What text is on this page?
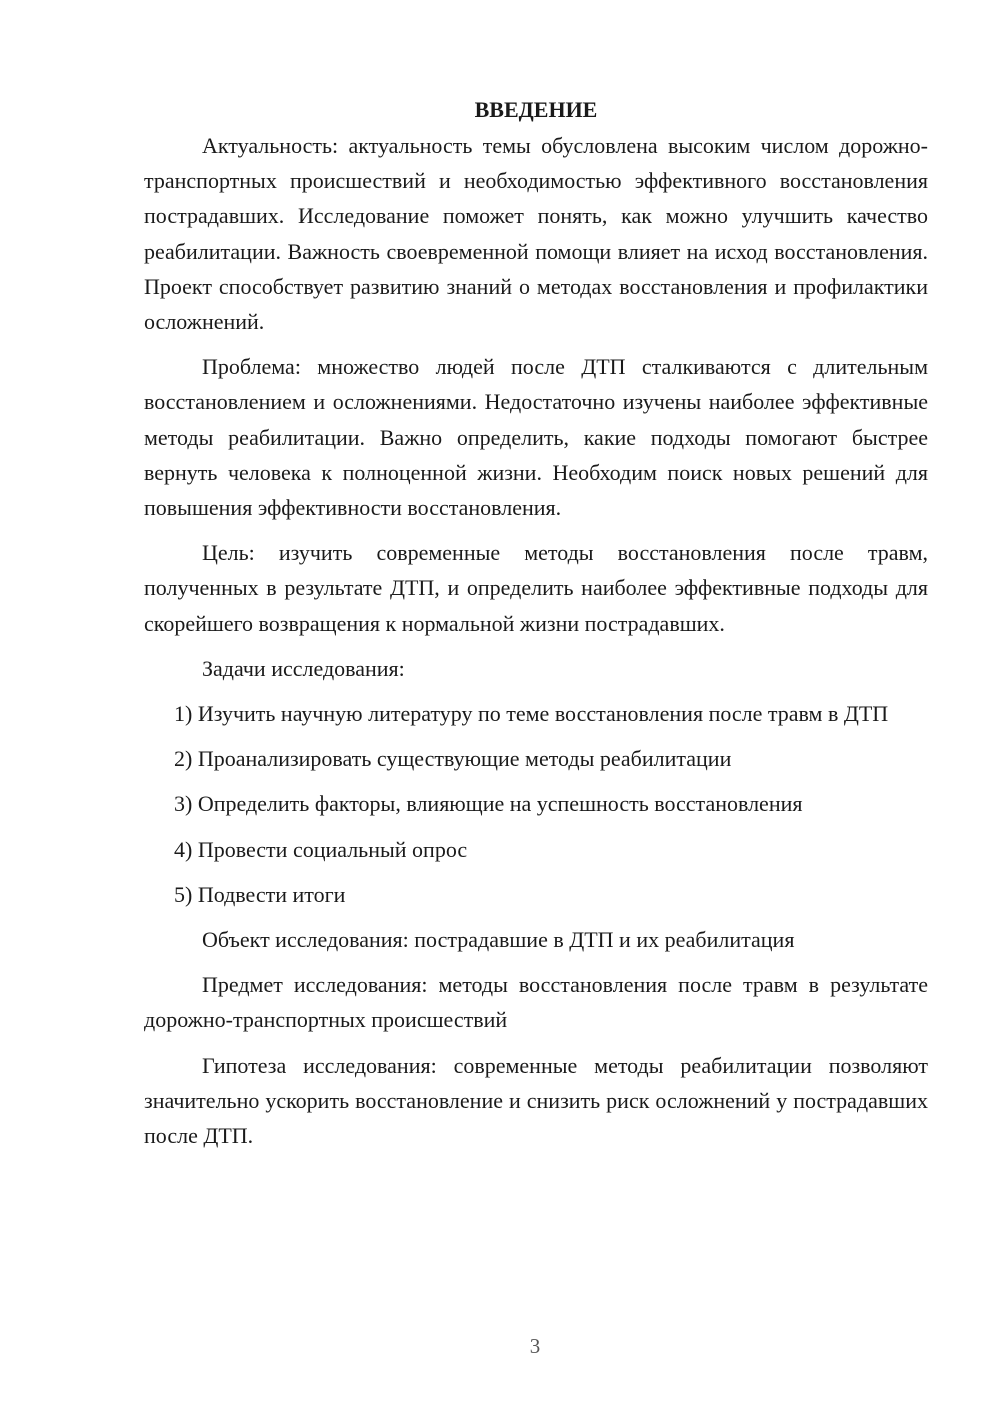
ВВЕДЕНИЕ

Актуальность: актуальность темы обусловлена высоким числом дорожно-транспортных происшествий и необходимостью эффективного восстановления пострадавших. Исследование поможет понять, как можно улучшить качество реабилитации. Важность своевременной помощи влияет на исход восстановления. Проект способствует развитию знаний о методах восстановления и профилактики осложнений.

Проблема: множество людей после ДТП сталкиваются с длительным восстановлением и осложнениями. Недостаточно изучены наиболее эффективные методы реабилитации. Важно определить, какие подходы помогают быстрее вернуть человека к полноценной жизни. Необходим поиск новых решений для повышения эффективности восстановления.

Цель: изучить современные методы восстановления после травм, полученных в результате ДТП, и определить наиболее эффективные подходы для скорейшего возвращения к нормальной жизни пострадавших.

Задачи исследования:

1) Изучить научную литературу по теме восстановления после травм в ДТП

2) Проанализировать существующие методы реабилитации

3) Определить факторы, влияющие на успешность восстановления

4) Провести социальный опрос

5) Подвести итоги

Объект исследования: пострадавшие в ДТП и их реабилитация

Предмет исследования: методы восстановления после травм в результате дорожно-транспортных происшествий

Гипотеза исследования: современные методы реабилитации позволяют значительно ускорить восстановление и снизить риск осложнений у пострадавших после ДТП.

3
